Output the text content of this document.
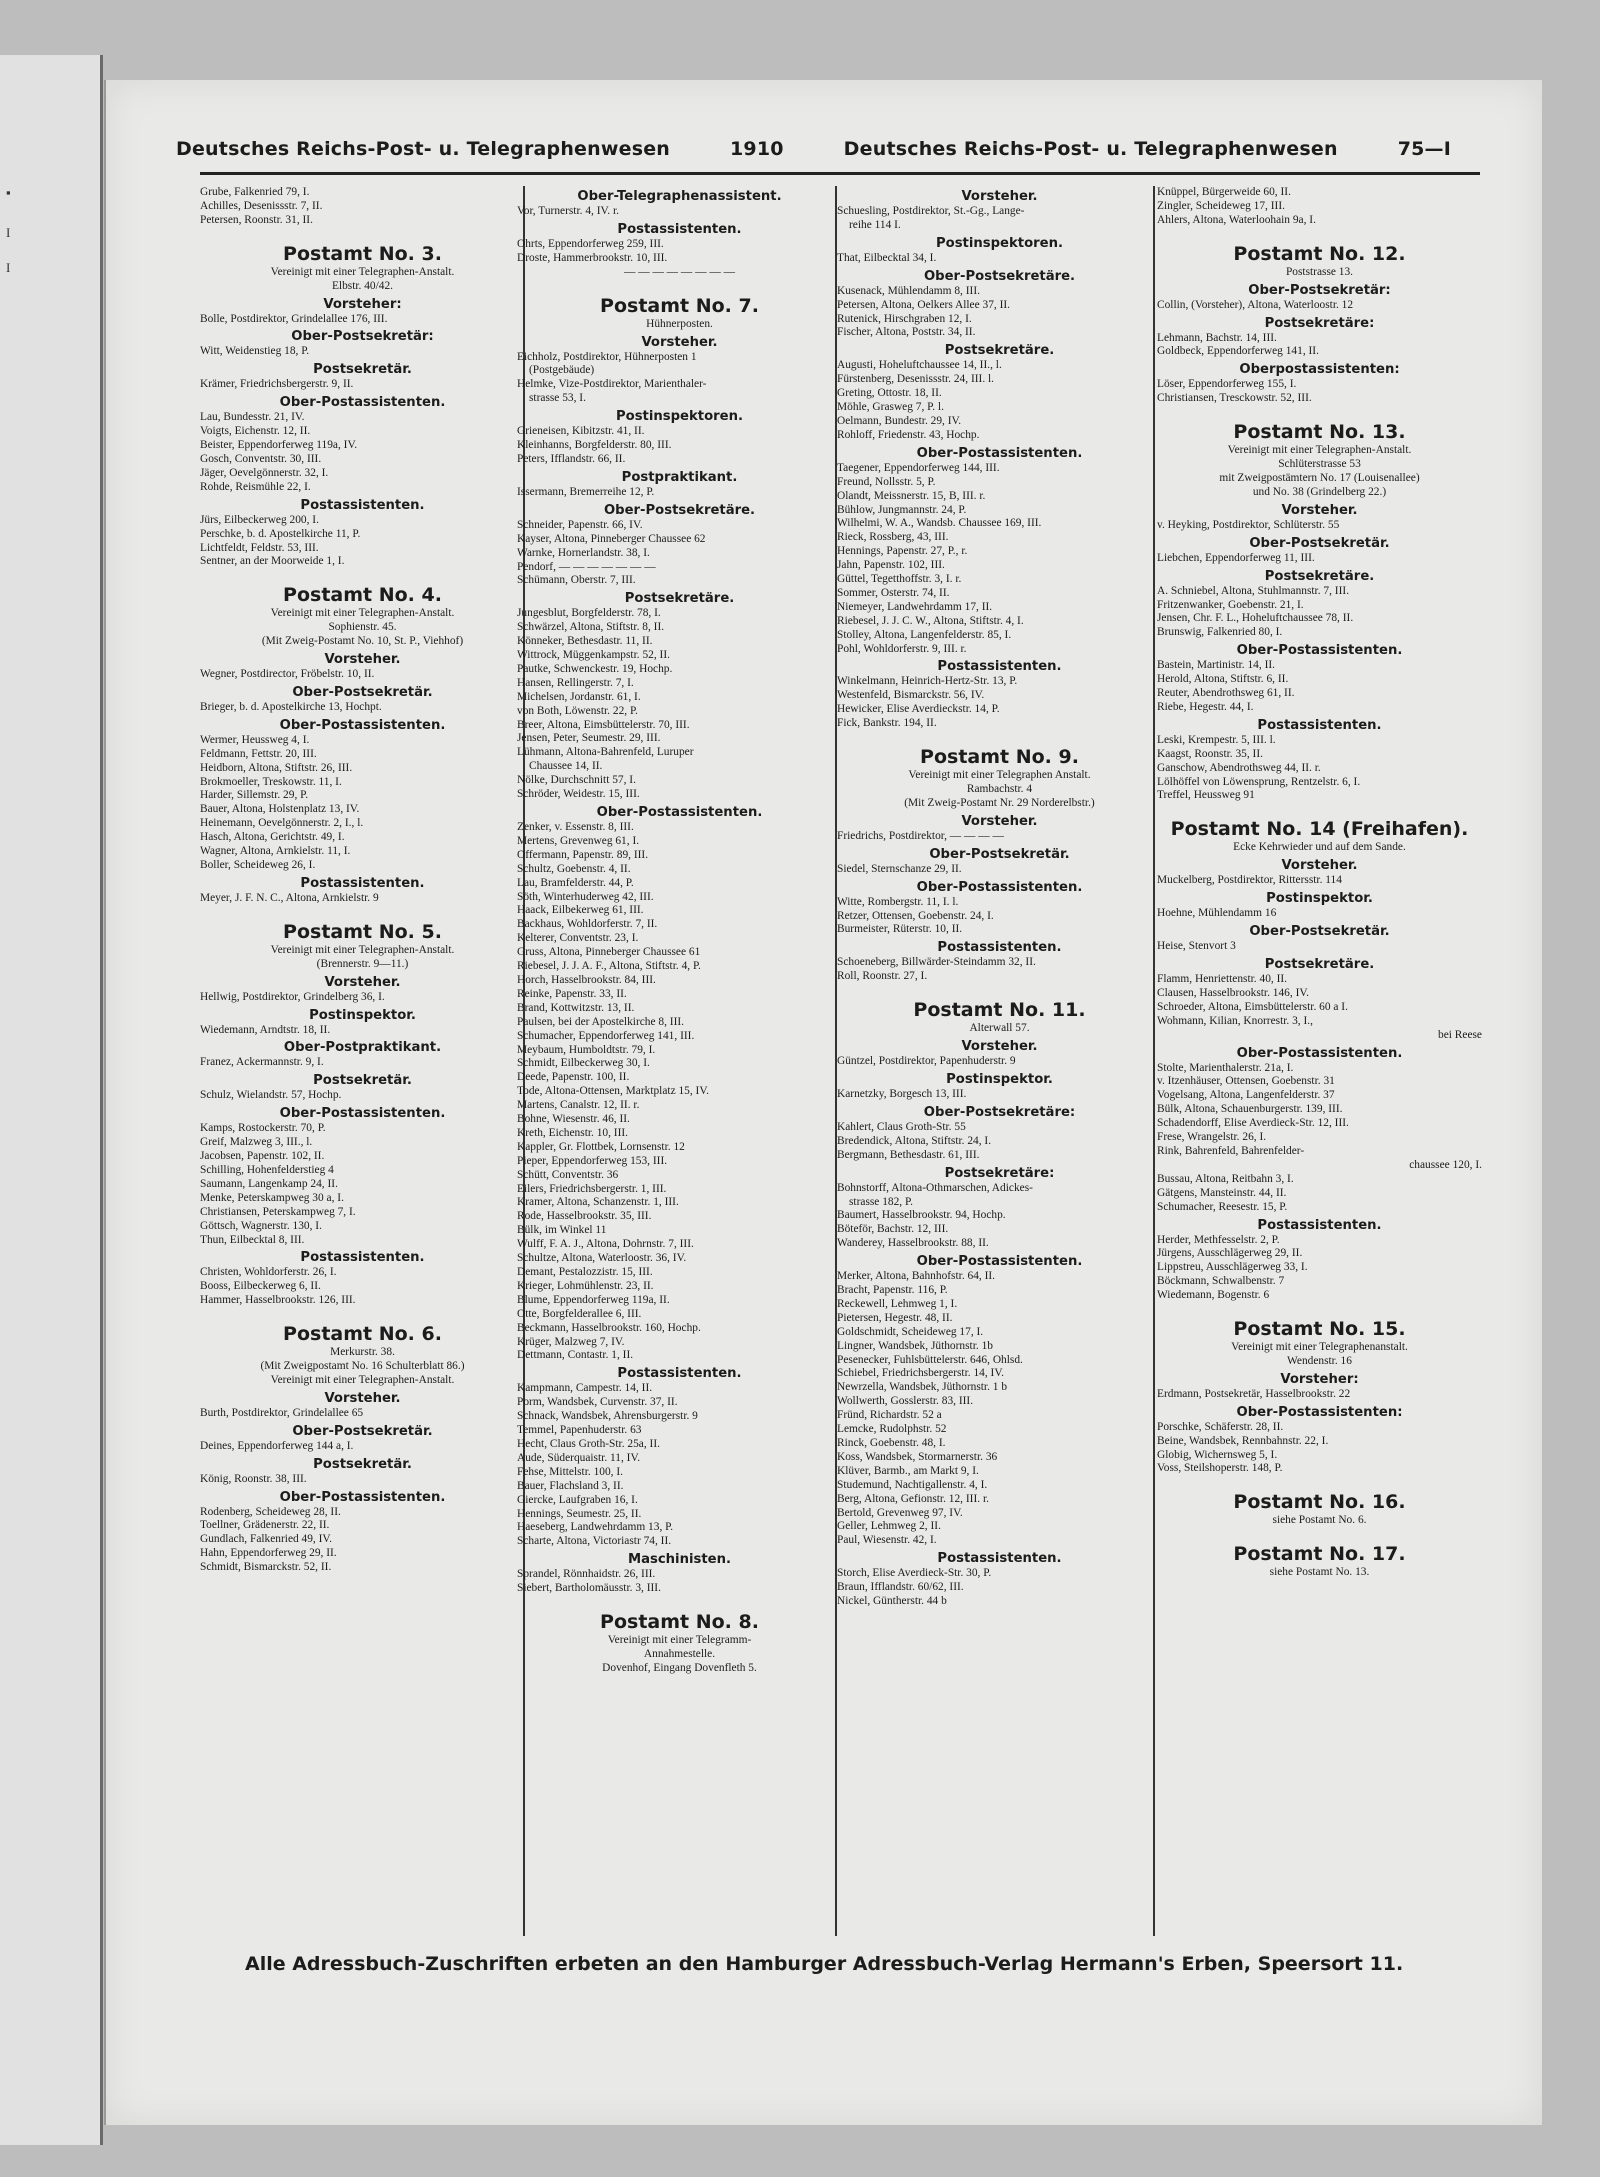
▪
I
I
Deutsches Reichs-Post- u. Telegraphenwesen	1910	Deutsches Reichs-Post- u. Telegraphenwesen	75—I
Grube, Falkenried 79, I.
Achilles, Desenissstr. 7, II.
Petersen, Roonstr. 31, II.
Postamt No. 3.
Vereinigt mit einer Telegraphen-Anstalt.
Elbstr. 40/42.
Vorsteher:
Bolle, Postdirektor, Grindelallee 176, III.
Ober-Postsekretär:
Witt, Weidenstieg 18, P.
Postsekretär.
Krämer, Friedrichsbergerstr. 9, II.
Ober-Postassistenten.
Lau, Bundesstr. 21, IV.
Voigts, Eichenstr. 12, II.
Beister, Eppendorferweg 119a, IV.
Gosch, Conventstr. 30, III.
Jäger, Oevelgönnerstr. 32, I.
Rohde, Reismühle 22, I.
Postassistenten.
Jürs, Eilbeckerweg 200, I.
Perschke, b. d. Apostelkirche 11, P.
Lichtfeldt, Feldstr. 53, III.
Sentner, an der Moorweide 1, I.
Postamt No. 4.
Vereinigt mit einer Telegraphen-Anstalt.
Sophienstr. 45.
(Mit Zweig-Postamt No. 10, St. P., Viehhof)
Vorsteher.
Wegner, Postdirector, Fröbelstr. 10, II.
Ober-Postsekretär.
Brieger, b. d. Apostelkirche 13, Hochpt.
Ober-Postassistenten.
Wermer, Heussweg 4, I.
Feldmann, Fettstr. 20, III.
Heidborn, Altona, Stiftstr. 26, III.
Brokmoeller, Treskowstr. 11, I.
Harder, Sillemstr. 29, P.
Bauer, Altona, Holstenplatz 13, IV.
Heinemann, Oevelgönnerstr. 2, I., l.
Hasch, Altona, Gerichtstr. 49, I.
Wagner, Altona, Arnkielstr. 11, I.
Boller, Scheideweg 26, I.
Postassistenten.
Meyer, J. F. N. C., Altona, Arnkielstr. 9
Postamt No. 5.
Vereinigt mit einer Telegraphen-Anstalt.
(Brennerstr. 9—11.)
Vorsteher.
Hellwig, Postdirektor, Grindelberg 36, I.
Postinspektor.
Wiedemann, Arndtstr. 18, II.
Ober-Postpraktikant.
Franez, Ackermannstr. 9, I.
Postsekretär.
Schulz, Wielandstr. 57, Hochp.
Ober-Postassistenten.
Kamps, Rostockerstr. 70, P.
Greif, Malzweg 3, III., l.
Jacobsen, Papenstr. 102, II.
Schilling, Hohenfelderstieg 4
Saumann, Langenkamp 24, II.
Menke, Peterskampweg 30 a, I.
Christiansen, Peterskampweg 7, I.
Göttsch, Wagnerstr. 130, I.
Thun, Eilbecktal 8, III.
Postassistenten.
Christen, Wohldorferstr. 26, I.
Booss, Eilbeckerweg 6, II.
Hammer, Hasselbrookstr. 126, III.
Postamt No. 6.
Merkurstr. 38.
(Mit Zweigpostamt No. 16 Schulterblatt 86.)
Vereinigt mit einer Telegraphen-Anstalt.
Vorsteher.
Burth, Postdirektor, Grindelallee 65
Ober-Postsekretär.
Deines, Eppendorferweg 144 a, I.
Postsekretär.
König, Roonstr. 38, III.
Ober-Postassistenten.
Rodenberg, Scheideweg 28, II.
Toellner, Grädenerstr. 22, II.
Gundlach, Falkenried 49, IV.
Hahn, Eppendorferweg 29, II.
Schmidt, Bismarckstr. 52, II.
Ober-Telegraphenassistent.
Vor, Turnerstr. 4, IV. r.
Postassistenten.
Ohrts, Eppendorferweg 259, III.
Droste, Hammerbrookstr. 10, III.
— — — — — — — —
Postamt No. 7.
Hühnerposten.
Vorsteher.
Eichholz, Postdirektor, Hühnerposten 1
(Postgebäude)
Helmke, Vize-Postdirektor, Marienthaler-
strasse 53, I.
Postinspektoren.
Grieneisen, Kibitzstr. 41, II.
Kleinhanns, Borgfelderstr. 80, III.
Peters, Ifflandstr. 66, II.
Postpraktikant.
Issermann, Bremerreihe 12, P.
Ober-Postsekretäre.
Schneider, Papenstr. 66, IV.
Kayser, Altona, Pinneberger Chaussee 62
Warnke, Hornerlandstr. 38, I.
Pendorf, — — — — — — —
Schümann, Oberstr. 7, III.
Postsekretäre.
Jungesblut, Borgfelderstr. 78, I.
Schwärzel, Altona, Stiftstr. 8, II.
Könneker, Bethesdastr. 11, II.
Wittrock, Müggenkampstr. 52, II.
Pautke, Schwenckestr. 19, Hochp.
Hansen, Rellingerstr. 7, I.
Michelsen, Jordanstr. 61, I.
von Both, Löwenstr. 22, P.
Breer, Altona, Eimsbüttelerstr. 70, III.
Jensen, Peter, Seumestr. 29, III.
Lühmann, Altona-Bahrenfeld, Luruper
Chaussee 14, II.
Nölke, Durchschnitt 57, I.
Schröder, Weidestr. 15, III.
Ober-Postassistenten.
Zenker, v. Essenstr. 8, III.
Mertens, Grevenweg 61, I.
Offermann, Papenstr. 89, III.
Schultz, Goebenstr. 4, II.
Lau, Bramfelderstr. 44, P.
Söth, Winterhuderweg 42, III.
Haack, Eilbekerweg 61, III.
Backhaus, Wohldorferstr. 7, II.
Kelterer, Conventstr. 23, I.
Gruss, Altona, Pinneberger Chaussee 61
Riebesel, J. J. A. F., Altona, Stiftstr. 4, P.
Horch, Hasselbrookstr. 84, III.
Reinke, Papenstr. 33, II.
Brand, Kottwitzstr. 13, II.
Paulsen, bei der Apostelkirche 8, III.
Schumacher, Eppendorferweg 141, III.
Meybaum, Humboldtstr. 79, I.
Schmidt, Eilbeckerweg 30, I.
Deede, Papenstr. 100, II.
Tode, Altona-Ottensen, Marktplatz 15, IV.
Martens, Canalstr. 12, II. r.
Bohne, Wiesenstr. 46, II.
Kreth, Eichenstr. 10, III.
Kappler, Gr. Flottbek, Lornsenstr. 12
Pieper, Eppendorferweg 153, III.
Schütt, Conventstr. 36
Eilers, Friedrichsbergerstr. 1, III.
Kramer, Altona, Schanzenstr. 1, III.
Rode, Hasselbrookstr. 35, III.
Bülk, im Winkel 11
Wulff, F. A. J., Altona, Dohrnstr. 7, III.
Schultze, Altona, Waterloostr. 36, IV.
Demant, Pestalozzistr. 15, III.
Krieger, Lohmühlenstr. 23, II.
Blume, Eppendorferweg 119a, II.
Otte, Borgfelderallee 6, III.
Beckmann, Hasselbrookstr. 160, Hochp.
Krüger, Malzweg 7, IV.
Dettmann, Contastr. 1, II.
Postassistenten.
Kampmann, Campestr. 14, II.
Porm, Wandsbek, Curvenstr. 37, II.
Schnack, Wandsbek, Ahrensburgerstr. 9
Temmel, Papenhuderstr. 63
Hecht, Claus Groth-Str. 25a, II.
Aude, Süderquaistr. 11, IV.
Fehse, Mittelstr. 100, I.
Bauer, Flachsland 3, II.
Giercke, Laufgraben 16, I.
Hennings, Seumestr. 25, II.
Haeseberg, Landwehrdamm 13, P.
Scharte, Altona, Victoriastr 74, II.
Maschinisten.
Sprandel, Rönnhaidstr. 26, III.
Siebert, Bartholomäusstr. 3, III.
Postamt No. 8.
Vereinigt mit einer Telegramm-
Annahmestelle.
Dovenhof, Eingang Dovenfleth 5.
Vorsteher.
Schuesling, Postdirektor, St.-Gg., Lange-
reihe 114 I.
Postinspektoren.
That, Eilbecktal 34, I.
Ober-Postsekretäre.
Kusenack, Mühlendamm 8, III.
Petersen, Altona, Oelkers Allee 37, II.
Rutenick, Hirschgraben 12, I.
Fischer, Altona, Poststr. 34, II.
Postsekretäre.
Augusti, Hoheluftchaussee 14, II., l.
Fürstenberg, Desenissstr. 24, III. l.
Greting, Ottostr. 18, II.
Möhle, Grasweg 7, P. l.
Oelmann, Bundestr. 29, IV.
Rohloff, Friedenstr. 43, Hochp.
Ober-Postassistenten.
Taegener, Eppendorferweg 144, III.
Freund, Nollsstr. 5, P.
Olandt, Meissnerstr. 15, B, III. r.
Bühlow, Jungmannstr. 24, P.
Wilhelmi, W. A., Wandsb. Chaussee 169, III.
Rieck, Rossberg, 43, III.
Hennings, Papenstr. 27, P., r.
Jahn, Papenstr. 102, III.
Güttel, Tegetthoffstr. 3, I. r.
Sommer, Osterstr. 74, II.
Niemeyer, Landwehrdamm 17, II.
Riebesel, J. J. C. W., Altona, Stiftstr. 4, I.
Stolley, Altona, Langenfelderstr. 85, I.
Pohl, Wohldorferstr. 9, III. r.
Postassistenten.
Winkelmann, Heinrich-Hertz-Str. 13, P.
Westenfeld, Bismarckstr. 56, IV.
Hewicker, Elise Averdieckstr. 14, P.
Fick, Bankstr. 194, II.
Postamt No. 9.
Vereinigt mit einer Telegraphen Anstalt.
Rambachstr. 4
(Mit Zweig-Postamt Nr. 29 Norderelbstr.)
Vorsteher.
Friedrichs, Postdirektor, — — — —
Ober-Postsekretär.
Siedel, Sternschanze 29, II.
Ober-Postassistenten.
Witte, Rombergstr. 11, I. l.
Retzer, Ottensen, Goebenstr. 24, I.
Burmeister, Rüterstr. 10, II.
Postassistenten.
Schoeneberg, Billwärder-Steindamm 32, II.
Roll, Roonstr. 27, I.
Postamt No. 11.
Alterwall 57.
Vorsteher.
Güntzel, Postdirektor, Papenhuderstr. 9
Postinspektor.
Karnetzky, Borgesch 13, III.
Ober-Postsekretäre:
Kahlert, Claus Groth-Str. 55
Bredendick, Altona, Stiftstr. 24, I.
Bergmann, Bethesdastr. 61, III.
Postsekretäre:
Bohnstorff, Altona-Othmarschen, Adickes-
strasse 182, P.
Baumert, Hasselbrookstr. 94, Hochp.
Böteför, Bachstr. 12, III.
Wanderey, Hasselbrookstr. 88, II.
Ober-Postassistenten.
Merker, Altona, Bahnhofstr. 64, II.
Bracht, Papenstr. 116, P.
Reckewell, Lehmweg 1, I.
Pietersen, Hegestr. 48, II.
Goldschmidt, Scheideweg 17, I.
Lingner, Wandsbek, Jüthornstr. 1b
Pesenecker, Fuhlsbüttelerstr. 646, Ohlsd.
Schiebel, Friedrichsbergerstr. 14, IV.
Newrzella, Wandsbek, Jüthornstr. 1 b
Wollwerth, Gosslerstr. 83, III.
Fründ, Richardstr. 52 a
Lemcke, Rudolphstr. 52
Rinck, Goebenstr. 48, I.
Koss, Wandsbek, Stormarnerstr. 36
Klüver, Barmb., am Markt 9, I.
Studemund, Nachtigallenstr. 4, I.
Berg, Altona, Gefionstr. 12, III. r.
Bertold, Grevenweg 97, IV.
Geller, Lehmweg 2, II.
Paul, Wiesenstr. 42, I.
Postassistenten.
Storch, Elise Averdieck-Str. 30, P.
Braun, Ifflandstr. 60/62, III.
Nickel, Güntherstr. 44 b
Knüppel, Bürgerweide 60, II.
Zingler, Scheideweg 17, III.
Ahlers, Altona, Waterloohain 9a, I.
Postamt No. 12.
Poststrasse 13.
Ober-Postsekretär:
Collin, (Vorsteher), Altona, Waterloostr. 12
Postsekretäre:
Lehmann, Bachstr. 14, III.
Goldbeck, Eppendorferweg 141, II.
Oberpostassistenten:
Löser, Eppendorferweg 155, I.
Christiansen, Tresckowstr. 52, III.
Postamt No. 13.
Vereinigt mit einer Telegraphen-Anstalt.
Schlüterstrasse 53
mit Zweigpostämtern No. 17 (Louisenallee)
und No. 38 (Grindelberg 22.)
Vorsteher.
v. Heyking, Postdirektor, Schlüterstr. 55
Ober-Postsekretär.
Liebchen, Eppendorferweg 11, III.
Postsekretäre.
A. Schniebel, Altona, Stuhlmannstr. 7, III.
Fritzenwanker, Goebenstr. 21, I.
Jensen, Chr. F. L., Hoheluftchaussee 78, II.
Brunswig, Falkenried 80, I.
Ober-Postassistenten.
Bastein, Martinistr. 14, II.
Herold, Altona, Stiftstr. 6, II.
Reuter, Abendrothsweg 61, II.
Riebe, Hegestr. 44, I.
Postassistenten.
Leski, Krempestr. 5, III. l.
Kaagst, Roonstr. 35, II.
Ganschow, Abendrothsweg 44, II. r.
Lölhöffel von Löwensprung, Rentzelstr. 6, I.
Treffel, Heussweg 91
Postamt No. 14 (Freihafen).
Ecke Kehrwieder und auf dem Sande.
Vorsteher.
Muckelberg, Postdirektor, Rittersstr. 114
Postinspektor.
Hoehne, Mühlendamm 16
Ober-Postsekretär.
Heise, Stenvort 3
Postsekretäre.
Flamm, Henriettenstr. 40, II.
Clausen, Hasselbrookstr. 146, IV.
Schroeder, Altona, Eimsbüttelerstr. 60 a I.
Wohmann, Kilian, Knorrestr. 3, I.,
bei Reese
Ober-Postassistenten.
Stolte, Marienthalerstr. 21a, I.
v. Itzenhäuser, Ottensen, Goebenstr. 31
Vogelsang, Altona, Langenfelderstr. 37
Bülk, Altona, Schauenburgerstr. 139, III.
Schadendorff, Elise Averdieck-Str. 12, III.
Frese, Wrangelstr. 26, I.
Rink, Bahrenfeld, Bahrenfelder-
chaussee 120, I.
Bussau, Altona, Reitbahn 3, I.
Gätgens, Mansteinstr. 44, II.
Schumacher, Reesestr. 15, P.
Postassistenten.
Herder, Methfesselstr. 2, P.
Jürgens, Ausschlägerweg 29, II.
Lippstreu, Ausschlägerweg 33, I.
Böckmann, Schwalbenstr. 7
Wiedemann, Bogenstr. 6
Postamt No. 15.
Vereinigt mit einer Telegraphenanstalt.
Wendenstr. 16
Vorsteher:
Erdmann, Postsekretär, Hasselbrookstr. 22
Ober-Postassistenten:
Porschke, Schäferstr. 28, II.
Beine, Wandsbek, Rennbahnstr. 22, I.
Globig, Wichernsweg 5, I.
Voss, Steilshoperstr. 148, P.
Postamt No. 16.
siehe Postamt No. 6.
Postamt No. 17.
siehe Postamt No. 13.
Alle Adressbuch-Zuschriften erbeten an den Hamburger Adressbuch-Verlag Hermann's Erben, Speersort 11.
